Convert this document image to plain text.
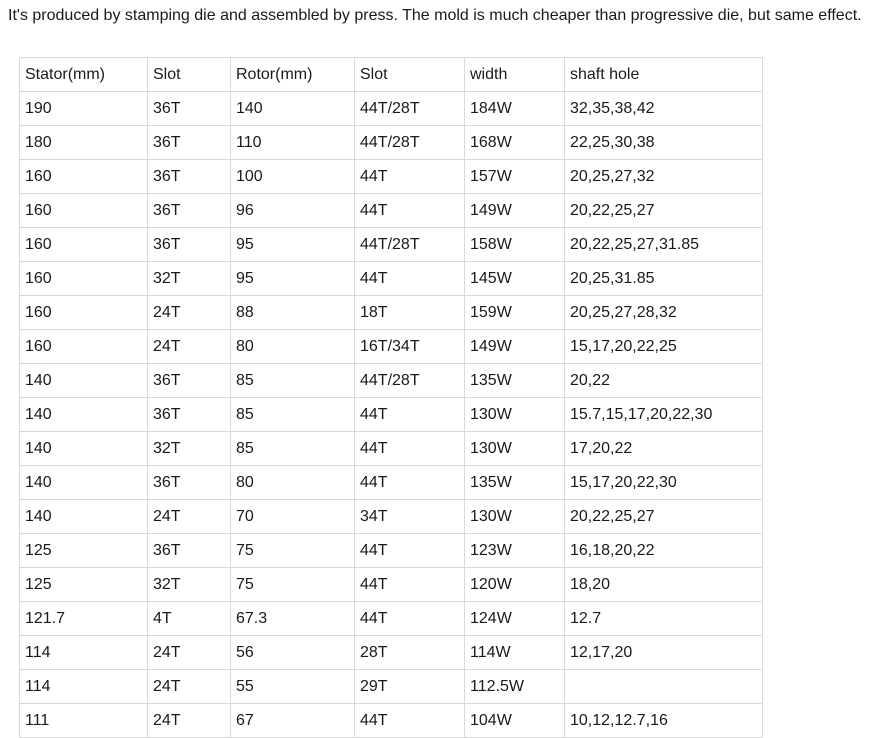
It's produced by stamping die and assembled by press. The mold is much cheaper than progressive die, but same effect.
Stator(mm)	Slot	Rotor(mm)	Slot	width	shaft hole
190	36T	140	44T/28T	184W	32,35,38,42
180	36T	110	44T/28T	168W	22,25,30,38
160	36T	100	44T	157W	20,25,27,32
160	36T	96	44T	149W	20,22,25,27
160	36T	95	44T/28T	158W	20,22,25,27,31.85
160	32T	95	44T	145W	20,25,31.85
160	24T	88	18T	159W	20,25,27,28,32
160	24T	80	16T/34T	149W	15,17,20,22,25
140	36T	85	44T/28T	135W	20,22
140	36T	85	44T	130W	15.7,15,17,20,22,30
140	32T	85	44T	130W	17,20,22
140	36T	80	44T	135W	15,17,20,22,30
140	24T	70	34T	130W	20,22,25,27
125	36T	75	44T	123W	16,18,20,22
125	32T	75	44T	120W	18,20
121.7	4T	67.3	44T	124W	12.7
114	24T	56	28T	114W	12,17,20
114	24T	55	29T	112.5W	
111	24T	67	44T	104W	10,12,12.7,16
